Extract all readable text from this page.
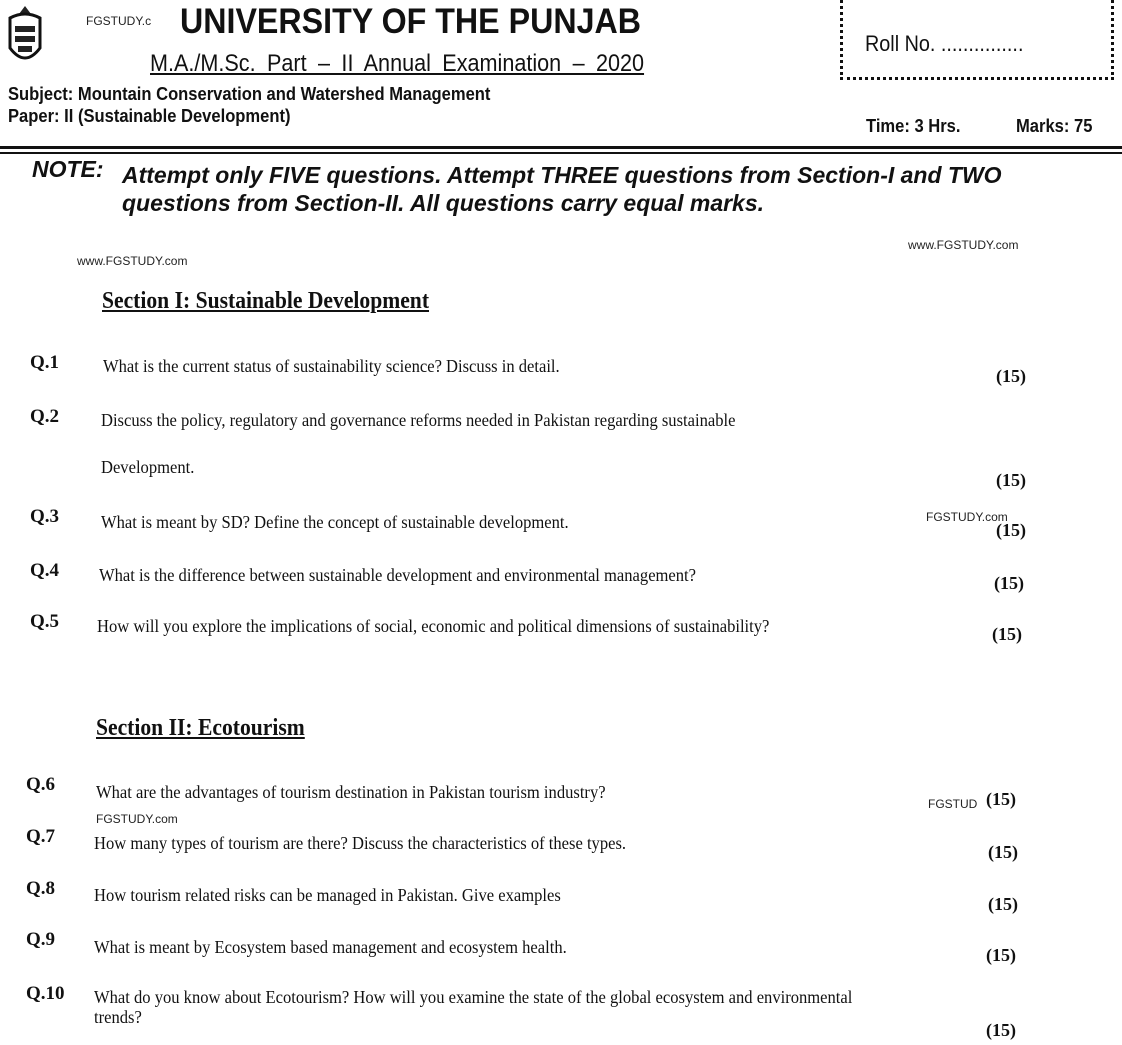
FGSTUDY.c UNIVERSITY OF THE PUNJAB
M.A./M.Sc. Part – II Annual Examination – 2020
Subject: Mountain Conservation and Watershed Management
Paper: II (Sustainable Development)
Roll No. ...............
Time: 3 Hrs.	Marks: 75
NOTE: Attempt only FIVE questions. Attempt THREE questions from Section-I and TWO
questions from Section-II. All questions carry equal marks.
www.FGSTUDY.com
www.FGSTUDY.com
Section I: Sustainable Development
Q.1 What is the current status of sustainability science? Discuss in detail.	(15)
Q.2 Discuss the policy, regulatory and governance reforms needed in Pakistan regarding sustainable
Development.
(15)
Q.3 What is meant by SD? Define the concept of sustainable development.	FGSTUDY.com
(15)
Q.4 What is the difference between sustainable development and environmental management?	(15)
Q.5 How will you explore the implications of social, economic and political dimensions of sustainability?	(15)
Section II: Ecotourism
Q.6 What are the advantages of tourism destination in Pakistan tourism industry?
FGSTUD (15)
FGSTUDY.com
Q.7 How many types of tourism are there? Discuss the characteristics of these types.	(15)
Q.8 How tourism related risks can be managed in Pakistan. Give examples	(15)
Q.9 What is meant by Ecosystem based management and ecosystem health.	(15)
Q.10 What do you know about Ecotourism? How will you examine the state of the global ecosystem and environmental
trends?
(15)
